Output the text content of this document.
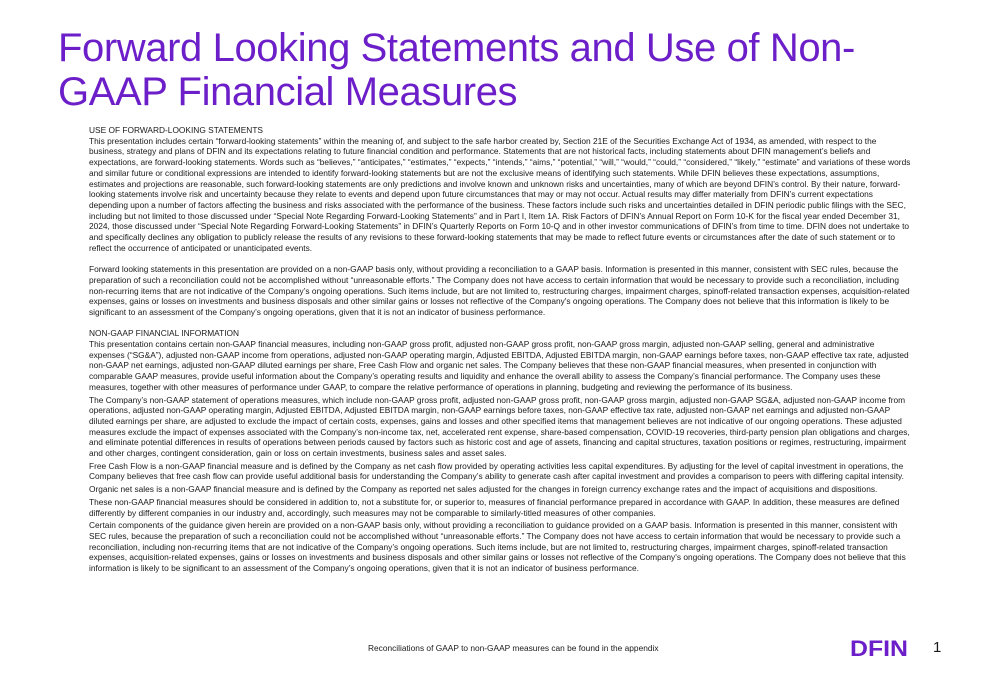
Forward Looking Statements and Use of Non-GAAP Financial Measures

USE OF FORWARD-LOOKING STATEMENTS

This presentation includes certain “forward-looking statements” within the meaning of, and subject to the safe harbor created by, Section 21E of the Securities Exchange Act of 1934, as amended, with respect to the business, strategy and plans of DFIN and its expectations relating to future financial condition and performance. Statements that are not historical facts, including statements about DFIN management’s beliefs and expectations, are forward-looking statements. Words such as “believes,” “anticipates,” “estimates,” “expects,” “intends,” “aims,” “potential,” “will,” “would,” “could,” “considered,” “likely,” “estimate” and variations of these words and similar future or conditional expressions are intended to identify forward-looking statements but are not the exclusive means of identifying such statements. While DFIN believes these expectations, assumptions, estimates and projections are reasonable, such forward-looking statements are only predictions and involve known and unknown risks and uncertainties, many of which are beyond DFIN’s control. By their nature, forward-looking statements involve risk and uncertainty because they relate to events and depend upon future circumstances that may or may not occur. Actual results may differ materially from DFIN’s current expectations depending upon a number of factors affecting the business and risks associated with the performance of the business. These factors include such risks and uncertainties detailed in DFIN periodic public filings with the SEC, including but not limited to those discussed under “Special Note Regarding Forward-Looking Statements” and in Part I, Item 1A. Risk Factors of DFIN’s Annual Report on Form 10-K for the fiscal year ended December 31, 2024, those discussed under “Special Note Regarding Forward-Looking Statements” in DFIN’s Quarterly Reports on Form 10-Q and in other investor communications of DFIN’s from time to time. DFIN does not undertake to and specifically declines any obligation to publicly release the results of any revisions to these forward-looking statements that may be made to reflect future events or circumstances after the date of such statement or to reflect the occurrence of anticipated or unanticipated events.

Forward looking statements in this presentation are provided on a non-GAAP basis only, without providing a reconciliation to a GAAP basis. Information is presented in this manner, consistent with SEC rules, because the preparation of such a reconciliation could not be accomplished without “unreasonable efforts.” The Company does not have access to certain information that would be necessary to provide such a reconciliation, including non-recurring items that are not indicative of the Company’s ongoing operations. Such items include, but are not limited to, restructuring charges, impairment charges, spinoff-related transaction expenses, acquisition-related expenses, gains or losses on investments and business disposals and other similar gains or losses not reflective of the Company's ongoing operations. The Company does not believe that this information is likely to be significant to an assessment of the Company’s ongoing operations, given that it is not an indicator of business performance.

NON-GAAP FINANCIAL INFORMATION

This presentation contains certain non-GAAP financial measures, including non-GAAP gross profit, adjusted non-GAAP gross profit, non-GAAP gross margin, adjusted non-GAAP selling, general and administrative expenses (“SG&A”), adjusted non-GAAP income from operations, adjusted non-GAAP operating margin, Adjusted EBITDA, Adjusted EBITDA margin, non-GAAP earnings before taxes, non-GAAP effective tax rate, adjusted non-GAAP net earnings, adjusted non-GAAP diluted earnings per share, Free Cash Flow and organic net sales. The Company believes that these non-GAAP financial measures, when presented in conjunction with comparable GAAP measures, provide useful information about the Company’s operating results and liquidity and enhance the overall ability to assess the Company’s financial performance. The Company uses these measures, together with other measures of performance under GAAP, to compare the relative performance of operations in planning, budgeting and reviewing the performance of its business.

The Company’s non-GAAP statement of operations measures, which include non-GAAP gross profit, adjusted non-GAAP gross profit, non-GAAP gross margin, adjusted non-GAAP SG&A, adjusted non-GAAP income from operations, adjusted non-GAAP operating margin, Adjusted EBITDA, Adjusted EBITDA margin, non-GAAP earnings before taxes, non-GAAP effective tax rate, adjusted non-GAAP net earnings and adjusted non-GAAP diluted earnings per share, are adjusted to exclude the impact of certain costs, expenses, gains and losses and other specified items that management believes are not indicative of our ongoing operations. These adjusted measures exclude the impact of expenses associated with the Company’s non-income tax, net, accelerated rent expense, share-based compensation, COVID-19 recoveries, third-party pension plan obligations and charges, and eliminate potential differences in results of operations between periods caused by factors such as historic cost and age of assets, financing and capital structures, taxation positions or regimes, restructuring, impairment and other charges, contingent consideration, gain or loss on certain investments, business sales and asset sales.

Free Cash Flow is a non-GAAP financial measure and is defined by the Company as net cash flow provided by operating activities less capital expenditures. By adjusting for the level of capital investment in operations, the Company believes that free cash flow can provide useful additional basis for understanding the Company’s ability to generate cash after capital investment and provides a comparison to peers with differing capital intensity.

Organic net sales is a non-GAAP financial measure and is defined by the Company as reported net sales adjusted for the changes in foreign currency exchange rates and the impact of acquisitions and dispositions.

These non-GAAP financial measures should be considered in addition to, not a substitute for, or superior to, measures of financial performance prepared in accordance with GAAP. In addition, these measures are defined differently by different companies in our industry and, accordingly, such measures may not be comparable to similarly-titled measures of other companies.

Certain components of the guidance given herein are provided on a non-GAAP basis only, without providing a reconciliation to guidance provided on a GAAP basis. Information is presented in this manner, consistent with SEC rules, because the preparation of such a reconciliation could not be accomplished without “unreasonable efforts.” The Company does not have access to certain information that would be necessary to provide such a reconciliation, including non-recurring items that are not indicative of the Company’s ongoing operations. Such items include, but are not limited to, restructuring charges, impairment charges, spinoff-related transaction expenses, acquisition-related expenses, gains or losses on investments and business disposals and other similar gains or losses not reflective of the Company's ongoing operations. The Company does not believe that this information is likely to be significant to an assessment of the Company’s ongoing operations, given that it is not an indicator of business performance.

Reconciliations of GAAP to non-GAAP measures can be found in the appendix	DFIN 1
